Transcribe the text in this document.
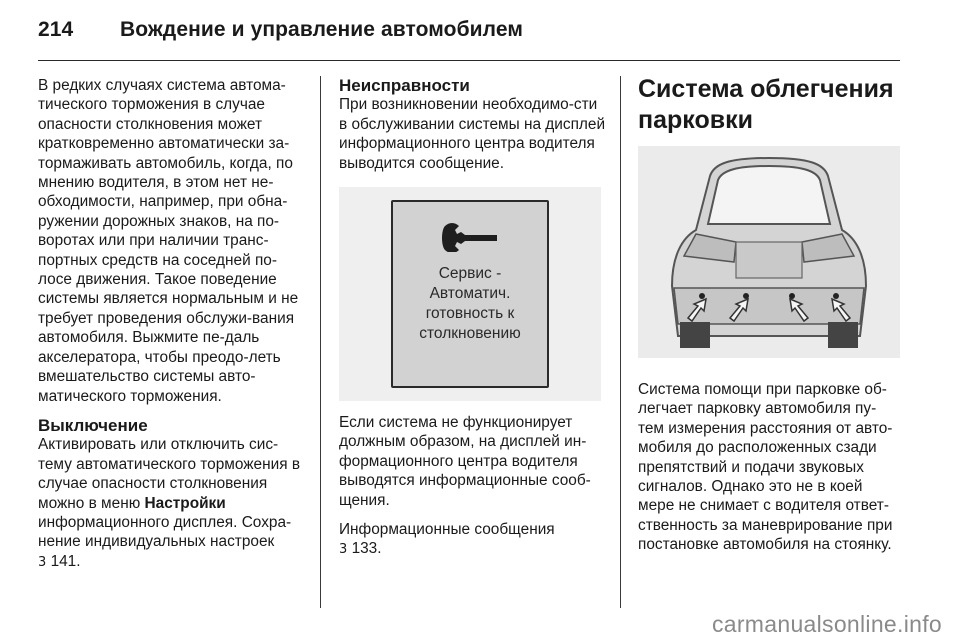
214 Вождение и управление автомобилем

В редких случаях система автома-тического торможения в случае опасности столкновения может кратковременно автоматически за-тормаживать автомобиль, когда, по мнению водителя, в этом нет не-обходимости, например, при обна-ружении дорожных знаков, на по-воротах или при наличии транс-портных средств на соседней по-лосе движения. Такое поведение системы является нормальным и не требует проведения обслужи-вания автомобиля. Выжмите пе-даль акселератора, чтобы преодо-леть вмешательство системы авто-матического торможения.

Выключение

Активировать или отключить сис-тему автоматического торможения в случае опасности столкновения можно в меню Настройки информационного дисплея. Сохра-нение индивидуальных настроек
3 141.

Неисправности

При возникновении необходимо-сти в обслуживании системы на дисплей информационного центра водителя выводится сообщение.

Сервис -
Автоматич.
готовность к
столкновению

Если система не функционирует должным образом, на дисплей ин-формационного центра водителя выводятся информационные сооб-щения.

Информационные сообщения
3 133.

Система облегчения
парковки

Система помощи при парковке об-легчает парковку автомобиля пу-тем измерения расстояния от авто-мобиля до расположенных сзади препятствий и подачи звуковых сигналов. Однако это не в коей мере не снимает с водителя ответ-ственность за маневрирование при постановке автомобиля на стоянку.

carmanualsonline.info
